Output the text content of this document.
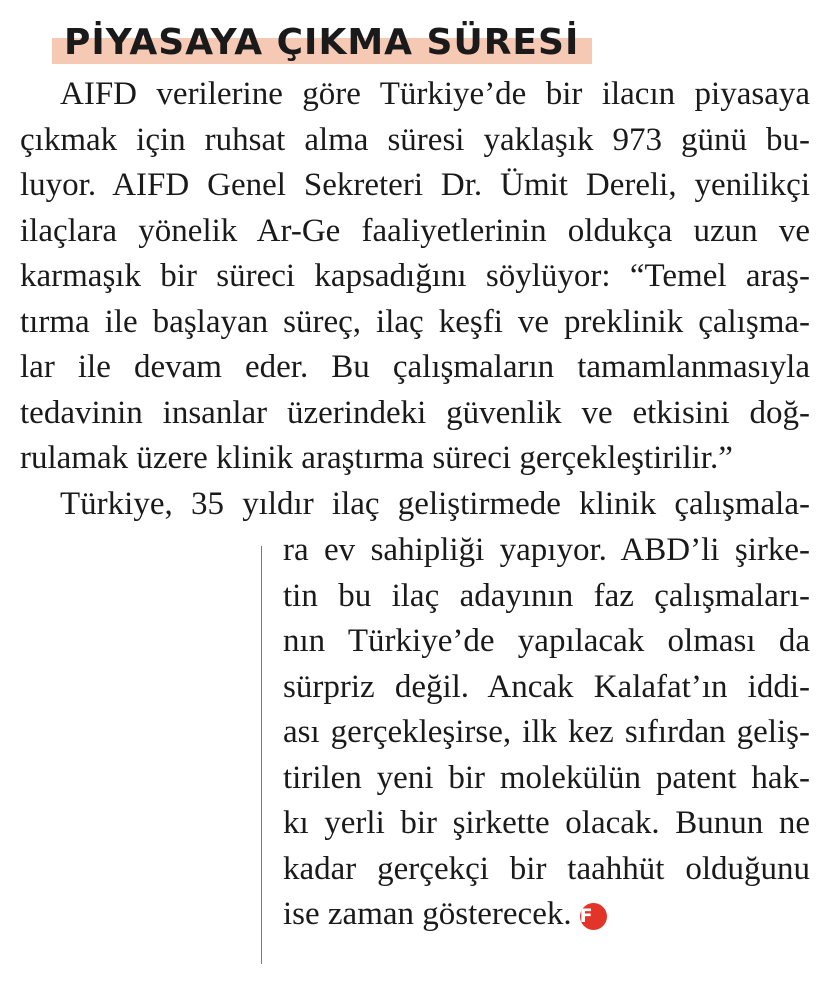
PİYASAYA ÇIKMA SÜRESİ
AIFD verilerine göre Türkiye’de bir ilacın piyasaya
çıkmak için ruhsat alma süresi yaklaşık 973 günü bu-
luyor. AIFD Genel Sekreteri Dr. Ümit Dereli, yenilikçi
ilaçlara yönelik Ar-Ge faaliyetlerinin oldukça uzun ve
karmaşık bir süreci kapsadığını söylüyor: “Temel araş-
tırma ile başlayan süreç, ilaç keşfi ve preklinik çalışma-
lar ile devam eder. Bu çalışmaların tamamlanmasıyla
tedavinin insanlar üzerindeki güvenlik ve etkisini doğ-
rulamak üzere klinik araştırma süreci gerçekleştirilir.”
Türkiye, 35 yıldır ilaç geliştirmede klinik çalışmala-
ra ev sahipliği yapıyor. ABD’li şirke-
tin bu ilaç adayının faz çalışmaları-
nın Türkiye’de yapılacak olması da
sürpriz değil. Ancak Kalafat’ın iddi-
ası gerçekleşirse, ilk kez sıfırdan geliş-
tirilen yeni bir molekülün patent hak-
kı yerli bir şirkette olacak. Bunun ne
kadar gerçekçi bir taahhüt olduğunu
ise zaman gösterecek. F
